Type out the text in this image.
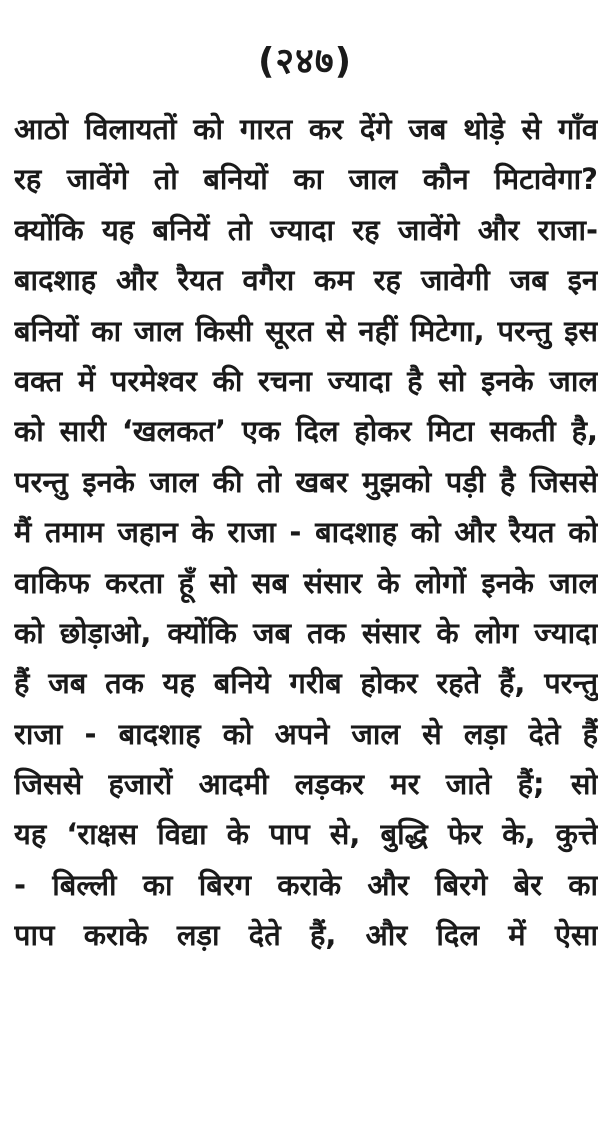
(२४७)
आठो विलायतों को गारत कर देंगे जब थोड़े से गाँव
रह जावेंगे तो बनियों का जाल कौन मिटावेगा?
क्योंकि यह बनियें तो ज्यादा रह जावेंगे और राजा-
बादशाह और रैयत वगैरा कम रह जावेगी जब इन
बनियों का जाल किसी सूरत से नहीं मिटेगा, परन्तु इस
वक्त में परमेश्वर की रचना ज्यादा है सो इनके जाल
को सारी ‘खलकत’ एक दिल होकर मिटा सकती है,
परन्तु इनके जाल की तो खबर मुझको पड़ी है जिससे
मैं तमाम जहान के राजा - बादशाह को और रैयत को
वाकिफ करता हूँ सो सब संसार के लोगों इनके जाल
को छोड़ाओ, क्योंकि जब तक संसार के लोग ज्यादा
हैं जब तक यह बनिये गरीब होकर रहते हैं, परन्तु
राजा - बादशाह को अपने जाल से लड़ा देते हैं
जिससे हजारों आदमी लड़कर मर जाते हैं; सो
यह ‘राक्षस विद्या के पाप से, बुद्धि फेर के, कुत्ते
- बिल्ली का बिरग कराके और बिरगे बेर का
पाप कराके लड़ा देते हैं, और दिल में ऐसा
